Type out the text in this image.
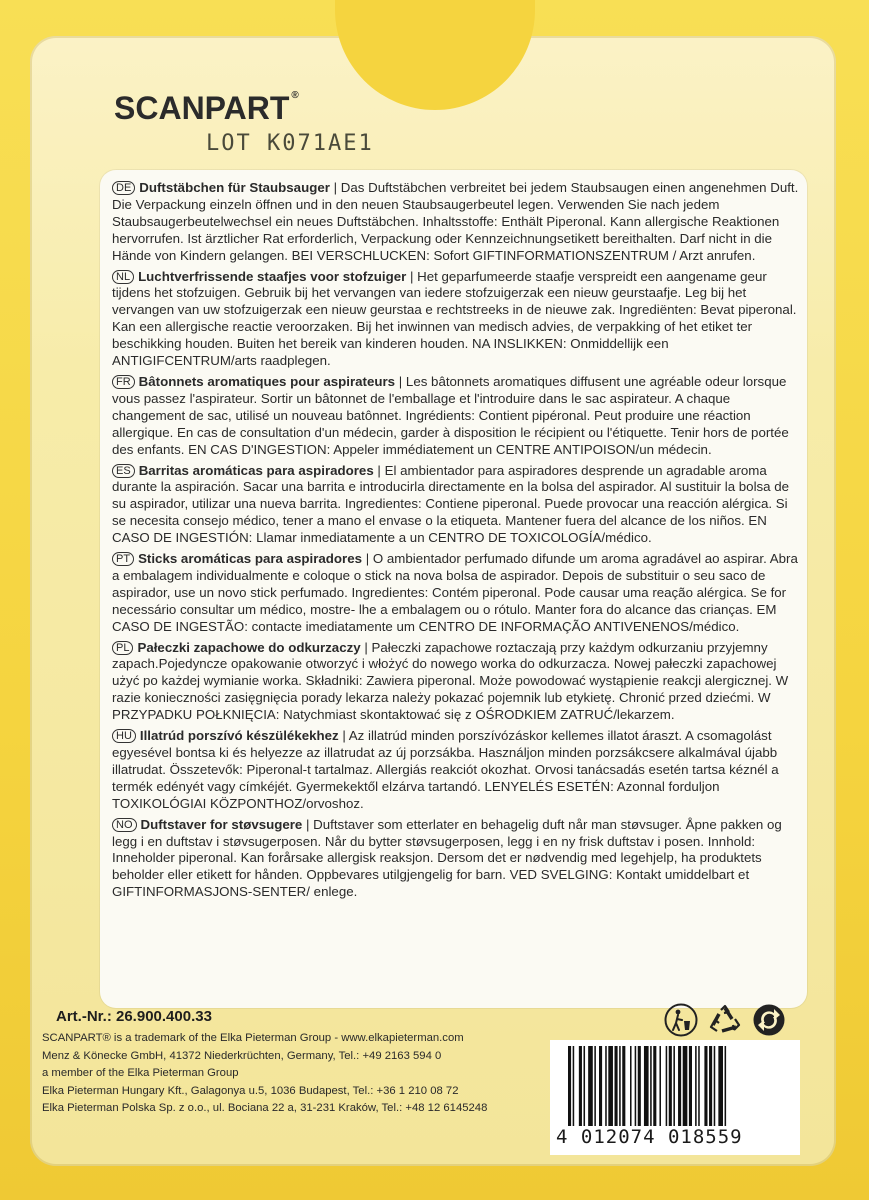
SCANPART ®
LOT K071AE1
DE Duftstäbchen für Staubsauger | Das Duftstäbchen verbreitet bei jedem Staubsaugen einen angenehmen Duft. Die Verpackung einzeln öffnen und in den neuen Staubsaugerbeutel legen. Verwenden Sie nach jedem Staubsaugerbeutelwechsel ein neues Duftstäbchen. Inhaltsstoffe: Enthält Piperonal. Kann allergische Reaktionen hervorrufen. Ist ärztlicher Rat erforderlich, Verpackung oder Kennzeichnungsetikett bereithalten. Darf nicht in die Hände von Kindern gelangen. BEI VERSCHLUCKEN: Sofort GIFTINFORMATIONSZENTRUM / Arzt anrufen.
NL Luchtverfrissende staafjes voor stofzuiger | Het geparfumeerde staafje verspreidt een aangename geur tijdens het stofzuigen. Gebruik bij het vervangen van iedere stofzuigerzak een nieuw geurstaafje. Leg bij het vervangen van uw stofzuigerzak een nieuw geurstaa e rechtstreeks in de nieuwe zak. Ingrediënten: Bevat piperonal. Kan een allergische reactie veroorzaken. Bij het inwinnen van medisch advies, de verpakking of het etiket ter beschikking houden. Buiten het bereik van kinderen houden. NA INSLIKKEN: Onmiddellijk een ANTIGIFCENTRUM/arts raadplegen.
FR Bâtonnets aromatiques pour aspirateurs | Les bâtonnets aromatiques diffusent une agréable odeur lorsque vous passez l'aspirateur. Sortir un bâtonnet de l'emballage et l'introduire dans le sac aspirateur. A chaque changement de sac, utilisé un nouveau batônnet. Ingrédients: Contient pipéronal. Peut produire une réaction allergique. En cas de consultation d'un médecin, garder à disposition le récipient ou l'étiquette. Tenir hors de portée des enfants. EN CAS D'INGESTION: Appeler immédiatement un CENTRE ANTIPOISON/un médecin.
ES Barritas aromáticas para aspiradores | El ambientador para aspiradores desprende un agradable aroma durante la aspiración. Sacar una barrita e introducirla directamente en la bolsa del aspirador. Al sustituir la bolsa de su aspirador, utilizar una nueva barrita. Ingredientes: Contiene piperonal. Puede provocar una reacción alérgica. Si se necesita consejo médico, tener a mano el envase o la etiqueta. Mantener fuera del alcance de los niños. EN CASO DE INGESTIÓN: Llamar inmediatamente a un CENTRO DE TOXICOLOGÍA/médico.
PT Sticks aromáticas para aspiradores | O ambientador perfumado difunde um aroma agradável ao aspirar. Abra a embalagem individualmente e coloque o stick na nova bolsa de aspirador. Depois de substituir o seu saco de aspirador, use un novo stick perfumado. Ingredientes: Contém piperonal. Pode causar uma reação alérgica. Se for necessário consultar um médico, mostre- lhe a embalagem ou o rótulo. Manter fora do alcance das crianças. EM CASO DE INGESTÃO: contacte imediatamente um CENTRO DE INFORMAÇÃO ANTIVENENOS/médico.
PL Pałeczki zapachowe do odkurzaczy | Pałeczki zapachowe roztaczają przy każdym odkurzaniu przyjemny zapach.Pojedyncze opakowanie otworzyć i włożyć do nowego worka do odkurzacza. Nowej pałeczki zapachowej użyć po każdej wymianie worka. Składniki: Zawiera piperonal. Może powodować wystąpienie reakcji alergicznej. W razie konieczności zasięgnięcia porady lekarza należy pokazać pojemnik lub etykietę. Chronić przed dziećmi. W PRZYPADKU POŁKNIĘCIA: Natychmiast skontaktować się z OŚRODKIEM ZATRUĆ/lekarzem.
HU Illatrúd porszívó készülékekhez | Az illatrúd minden porszívózáskor kellemes illatot áraszt. A csomagolást egyesével bontsa ki és helyezze az illatrudat az új porzsákba. Használjon minden porzsákcsere alkalmával újabb illatrudat. Összetevők: Piperonal-t tartalmaz. Allergiás reakciót okozhat. Orvosi tanácsadás esetén tartsa kéznél a termék edényét vagy címkéjét. Gyermekektől elzárva tartandó. LENYELÉS ESETÉN: Azonnal forduljon TOXIKOLÓGIAI KÖZPONTHOZ/orvoshoz.
NO Duftstaver for støvsugere | Duftstaver som etterlater en behagelig duft når man støvsuger. Åpne pakken og legg i en duftstav i støvsugerposen. Når du bytter støvsugerposen, legg i en ny frisk duftstav i posen. Innhold: Inneholder piperonal. Kan forårsake allergisk reaksjon. Dersom det er nødvendig med legehjelp, ha produktets beholder eller etikett for hånden. Oppbevares utilgjengelig for barn. VED SVELGING: Kontakt umiddelbart et GIFTINFORMASJONS-SENTER/ enlege.
Art.-Nr.: 26.900.400.33
SCANPART® is a trademark of the Elka Pieterman Group - www.elkapieterman.com
Menz & Könecke GmbH, 41372 Niederkrüchten, Germany, Tel.: +49 2163 594 0
a member of the Elka Pieterman Group
Elka Pieterman Hungary Kft., Galagonya u.5, 1036 Budapest, Tel.: +36 1 210 08 72
Elka Pieterman Polska Sp. z o.o., ul. Bociana 22 a, 31-231 Kraków, Tel.: +48 12 6145248
4 012074 018559
